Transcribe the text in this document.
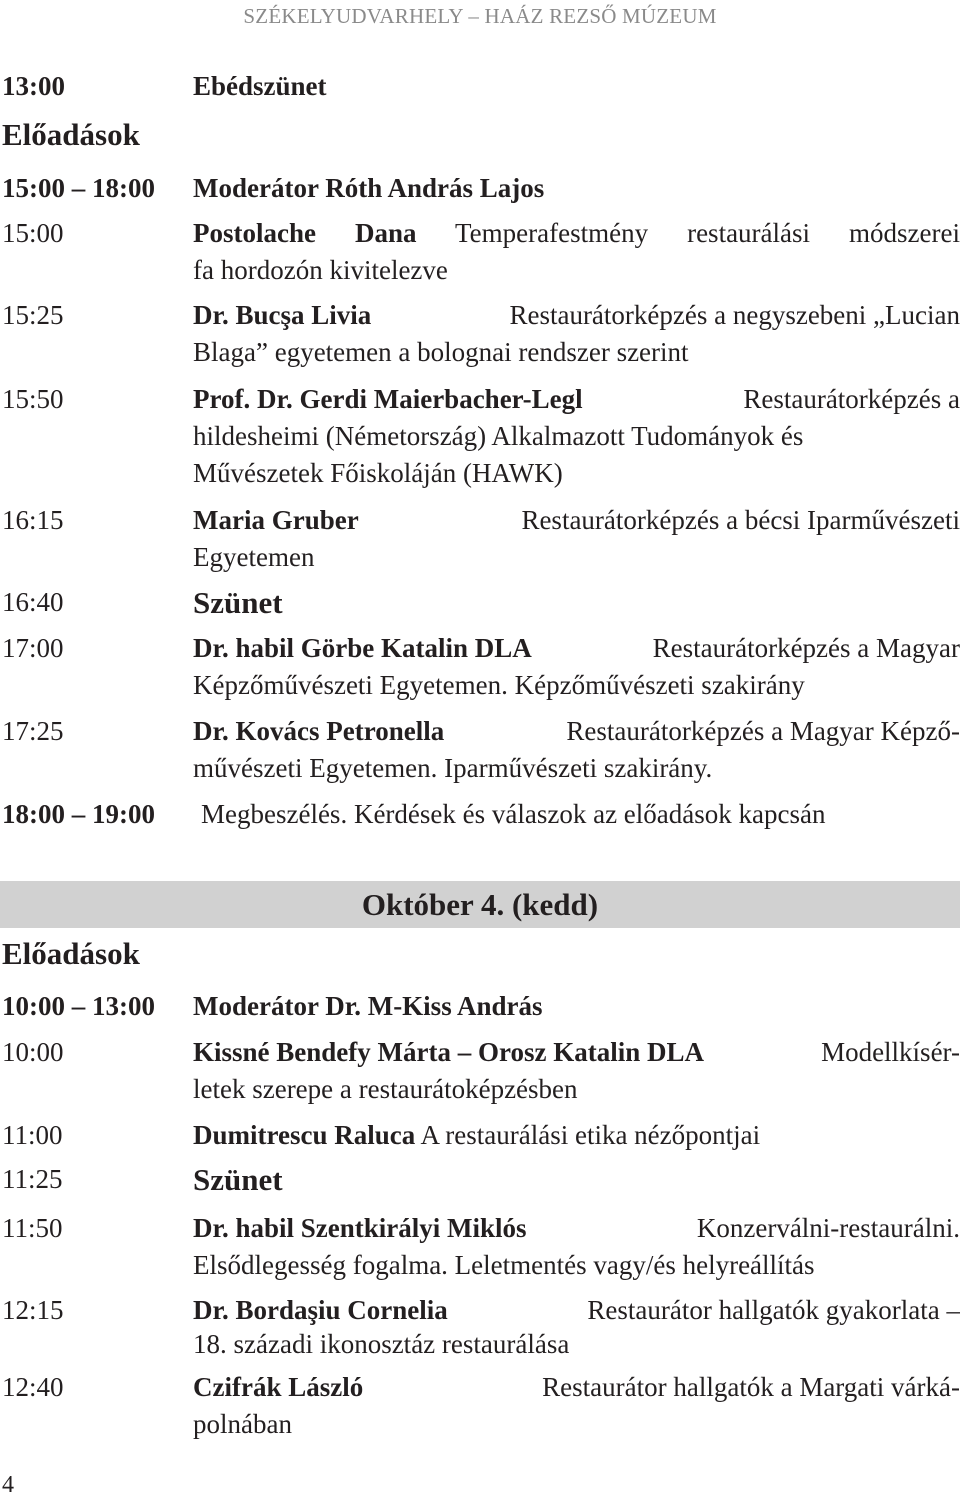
SZÉKELYUDVARHELY – HAÁZ REZSŐ MÚZEUM
13:00	Ebédszünet
Előadások
15:00 – 18:00 Moderátor Róth András Lajos
15:00	Postolache Dana Temperafestmény restaurálási módszerei
fa hordozón kivitelezve
15:25	Dr. Bucşa Livia	Restaurátorképzés a negyszebeni „Lucian
Blaga” egyetemen a bolognai rendszer szerint
15:50	Prof. Dr. Gerdi Maierbacher-Legl	Restaurátorképzés a
hildesheimi (Németország) Alkalmazott Tudományok és
Művészetek Főiskoláján (HAWK)
16:15	Maria Gruber	Restaurátorképzés a bécsi Iparművészeti
Egyetemen
16:40	Szünet
17:00	Dr. habil Görbe Katalin DLA	Restaurátorképzés a Magyar
Képzőművészeti Egyetemen. Képzőművészeti szakirány
17:25	Dr. Kovács Petronella	Restaurátorképzés a Magyar Képző-
művészeti Egyetemen. Iparművészeti szakirány.
18:00 – 19:00 Megbeszélés. Kérdések és válaszok az előadások kapcsán
Október 4. (kedd)
Előadások
10:00 – 13:00 Moderátor Dr. M-Kiss András
10:00	Kissné Bendefy Márta – Orosz Katalin DLA	Modellkísér-
letek szerepe a restaurátoképzésben
11:00	Dumitrescu Raluca A restaurálási etika nézőpontjai
11:25	Szünet
11:50	Dr. habil Szentkirályi Miklós	Konzerválni-restaurálni.
Elsődlegesség fogalma. Leletmentés vagy/és helyreállítás
12:15	Dr. Bordaşiu Cornelia	Restaurátor hallgatók gyakorlata –
18. századi ikonosztáz restaurálása
12:40	Czifrák László	Restaurátor hallgatók a Margati várká-
polnában
4
